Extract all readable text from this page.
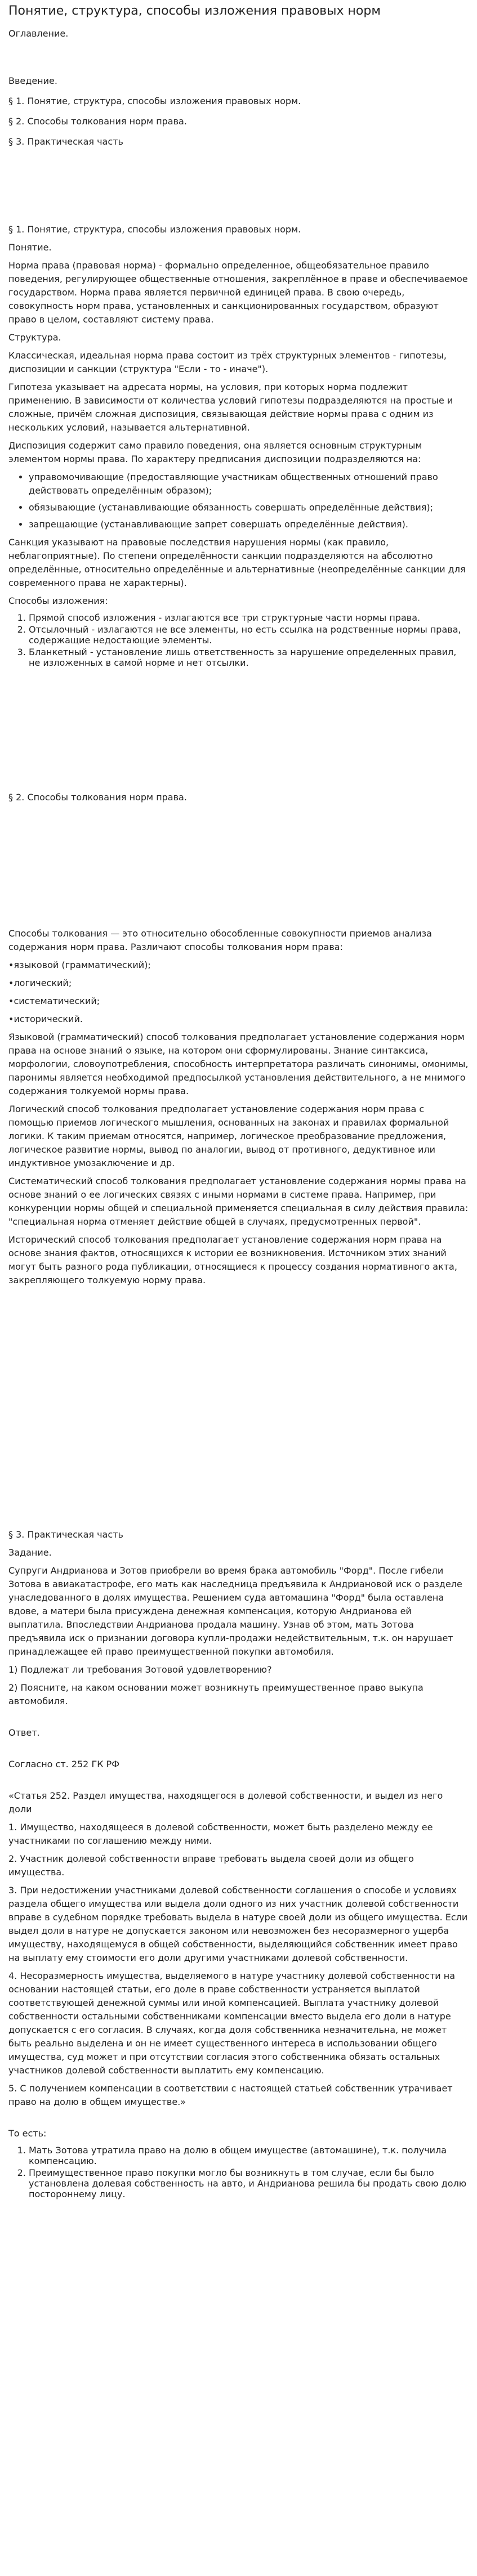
Понятие, структура, способы изложения правовых норм

Оглавление.

Введение.

§ 1. Понятие, структура, способы изложения правовых норм.

§ 2. Способы толкования норм права.

§ 3. Практическая часть

§ 1. Понятие, структура, способы изложения правовых норм.

Понятие.

Норма права (правовая норма) - формально определенное, общеобязательное правило поведения, регулирующее общественные отношения, закреплённое в праве и обеспечиваемое государством. Норма права является первичной единицей права. В свою очередь, совокупность норм права, установленных и санкционированных государством, образуют право в целом, составляют систему права.

Структура.

Классическая, идеальная норма права состоит из трёх структурных элементов - гипотезы, диспозиции и санкции (структура "Если - то - иначе").

Гипотеза указывает на адресата нормы, на условия, при которых норма подлежит применению. В зависимости от количества условий гипотезы подразделяются на простые и сложные, причём сложная диспозиция, связывающая действие нормы права с одним из нескольких условий, называется альтернативной.

Диспозиция содержит само правило поведения, она является основным структурным элементом нормы права. По характеру предписания диспозиции подразделяются на:

• управомочивающие (предоставляющие участникам общественных отношений право действовать определённым образом);
• обязывающие (устанавливающие обязанность совершать определённые действия);
• запрещающие (устанавливающие запрет совершать определённые действия).

Санкция указывают на правовые последствия нарушения нормы (как правило, неблагоприятные). По степени определённости санкции подразделяются на абсолютно определённые, относительно определённые и альтернативные (неопределённые санкции для современного права не характерны).

Способы изложения:

1. Прямой способ изложения - излагаются все три структурные части нормы права.
2. Отсылочный - излагаются не все элементы, но есть ссылка на родственные нормы права, содержащие недостающие элементы.
3. Бланкетный - установление лишь ответственность за нарушение определенных правил, не изложенных в самой норме и нет отсылки.

§ 2. Способы толкования норм права.

Способы толкования — это относительно обособленные совокупности приемов анализа содержания норм права. Различают способы толкования норм права:

•языковой (грамматический);

•логический;

•систематический;

•исторический.

Языковой (грамматический) способ толкования предполагает установление содержания норм права на основе знаний о языке, на котором они сформулированы. Знание синтаксиса, морфологии, словоупотребления, способность интерпретатора различать синонимы, омонимы, паронимы является необходимой предпосылкой установления действительного, а не мнимого содержания толкуемой нормы права.

Логический способ толкования предполагает установление содержания норм права с помощью приемов логического мышления, основанных на законах и правилах формальной логики. К таким приемам относятся, например, логическое преобразование предложения, логическое развитие нормы, вывод по аналогии, вывод от противного, дедуктивное или индуктивное умозаключение и др.

Систематический способ толкования предполагает установление содержания нормы права на основе знаний о ее логических связях с иными нормами в системе права. Например, при конкуренции нормы общей и специальной применяется специальная в силу действия правила: "специальная норма отменяет действие общей в случаях, предусмотренных первой".

Исторический способ толкования предполагает установление содержания норм права на основе знания фактов, относящихся к истории ее возникновения. Источником этих знаний могут быть разного рода публикации, относящиеся к процессу создания нормативного акта, закрепляющего толкуемую норму права.

§ 3. Практическая часть

Задание.

Супруги Андрианова и Зотов приобрели во время брака автомобиль "Форд". После гибели Зотова в авиакатастрофе, его мать как наследница предъявила к Андриановой иск о разделе унаследованного в долях имущества. Решением суда автомашина "Форд" была оставлена вдове, а матери была присуждена денежная компенсация, которую Андрианова ей выплатила. Впоследствии Андрианова продала машину. Узнав об этом, мать Зотова предъявила иск о признании договора купли-продажи недействительным, т.к. он нарушает принадлежащее ей право преимущественной покупки автомобиля.

1) Подлежат ли требования Зотовой удовлетворению?

2) Поясните, на каком основании может возникнуть преимущественное право выкупа автомобиля.

Ответ.

Согласно ст. 252 ГК РФ

«Статья 252. Раздел имущества, находящегося в долевой собственности, и выдел из него доли

1. Имущество, находящееся в долевой собственности, может быть разделено между ее участниками по соглашению между ними.

2. Участник долевой собственности вправе требовать выдела своей доли из общего имущества.

3. При недостижении участниками долевой собственности соглашения о способе и условиях раздела общего имущества или выдела доли одного из них участник долевой собственности вправе в судебном порядке требовать выдела в натуре своей доли из общего имущества. Если выдел доли в натуре не допускается законом или невозможен без несоразмерного ущерба имуществу, находящемуся в общей собственности, выделяющийся собственник имеет право на выплату ему стоимости его доли другими участниками долевой собственности.

4. Несоразмерность имущества, выделяемого в натуре участнику долевой собственности на основании настоящей статьи, его доле в праве собственности устраняется выплатой соответствующей денежной суммы или иной компенсацией. Выплата участнику долевой собственности остальными собственниками компенсации вместо выдела его доли в натуре допускается с его согласия. В случаях, когда доля собственника незначительна, не может быть реально выделена и он не имеет существенного интереса в использовании общего имущества, суд может и при отсутствии согласия этого собственника обязать остальных участников долевой собственности выплатить ему компенсацию.

5. С получением компенсации в соответствии с настоящей статьей собственник утрачивает право на долю в общем имуществе.»

То есть:

1. Мать Зотова утратила право на долю в общем имуществе (автомашине), т.к. получила компенсацию.
2. Преимущественное право покупки могло бы возникнуть в том случае, если бы было установлена долевая собственность на авто, и Андрианова решила бы продать свою долю постороннему лицу.
